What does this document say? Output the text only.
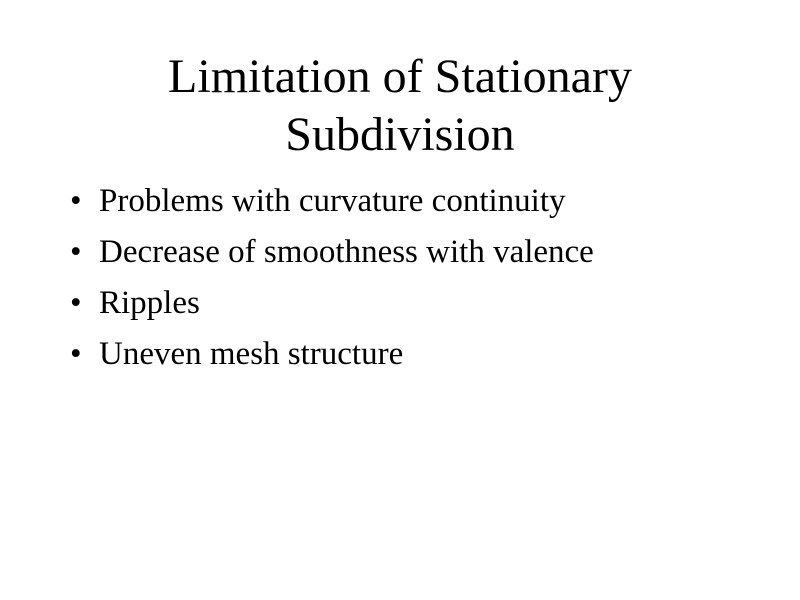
Limitation of Stationary
Subdivision
• Problems with curvature continuity
• Decrease of smoothness with valence
• Ripples
• Uneven mesh structure
